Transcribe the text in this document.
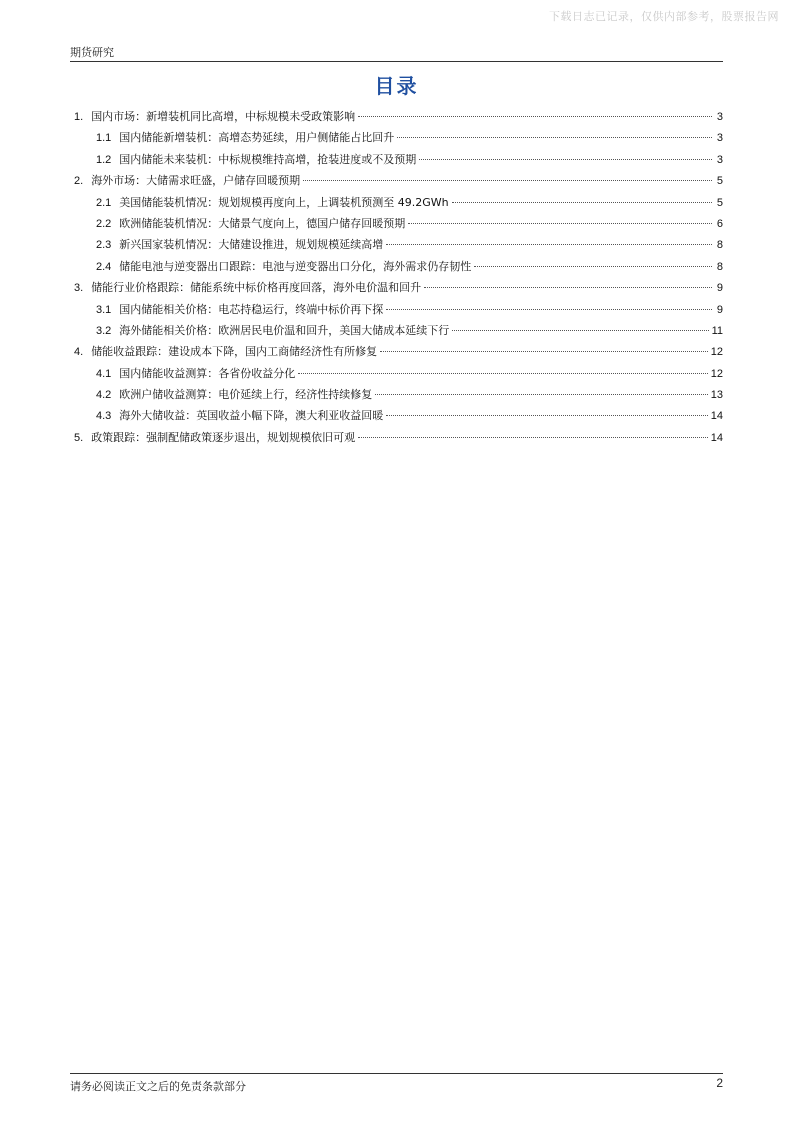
下载日志已记录，仅供内部参考，股票报告网
期货研究
目录
1. 国内市场：新增装机同比高增，中标规模未受政策影响	3
1.1 国内储能新增装机：高增态势延续，用户侧储能占比回升	3
1.2 国内储能未来装机：中标规模维持高增，抢装进度或不及预期	3
2. 海外市场：大储需求旺盛，户储存回暖预期	5
2.1 美国储能装机情况：规划规模再度向上，上调装机预测至 49.2GWh	5
2.2 欧洲储能装机情况：大储景气度向上，德国户储存回暖预期	6
2.3 新兴国家装机情况：大储建设推进，规划规模延续高增	8
2.4 储能电池与逆变器出口跟踪：电池与逆变器出口分化，海外需求仍存韧性	8
3. 储能行业价格跟踪：储能系统中标价格再度回落，海外电价温和回升	9
3.1 国内储能相关价格：电芯持稳运行，终端中标价再下探	9
3.2 海外储能相关价格：欧洲居民电价温和回升，美国大储成本延续下行	11
4. 储能收益跟踪：建设成本下降，国内工商储经济性有所修复	12
4.1 国内储能收益测算：各省份收益分化	12
4.2 欧洲户储收益测算：电价延续上行，经济性持续修复	13
4.3 海外大储收益：英国收益小幅下降，澳大利亚收益回暖	14
5. 政策跟踪：强制配储政策逐步退出，规划规模依旧可观	14
请务必阅读正文之后的免责条款部分	2
